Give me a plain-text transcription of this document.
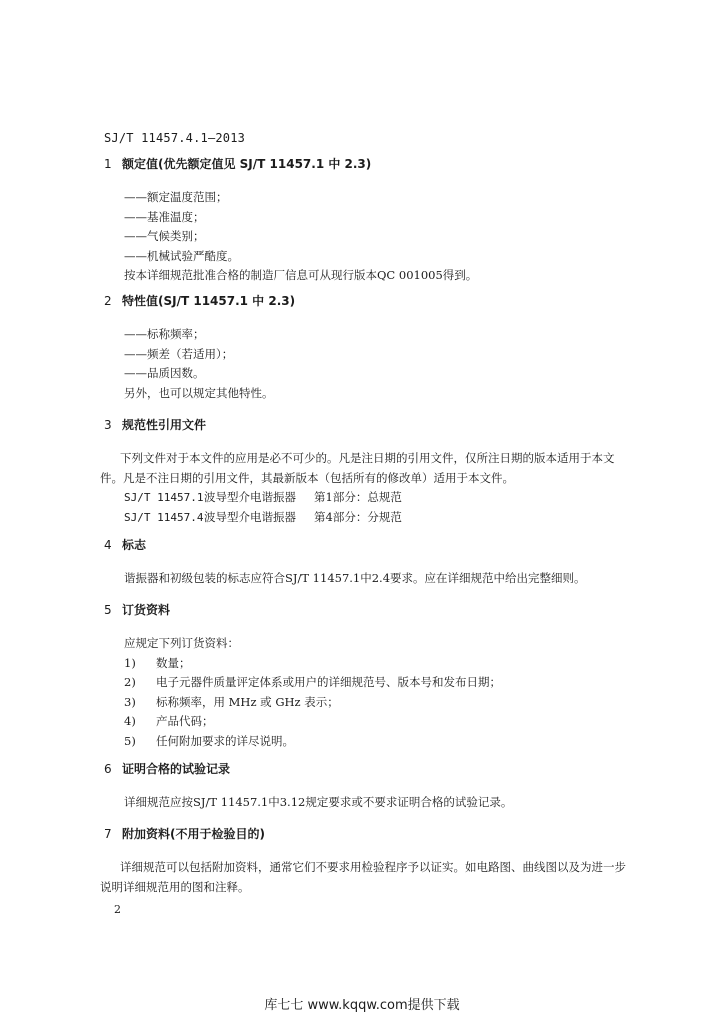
SJ/T 11457.4.1—2013
1 额定值(优先额定值见 SJ/T 11457.1 中 2.3)
——额定温度范围；
——基准温度；
——气候类别；
——机械试验严酷度。
按本详细规范批准合格的制造厂信息可从现行版本QC 001005得到。
2 特性值(SJ/T 11457.1 中 2.3)
——标称频率；
——频差（若适用）；
——品质因数。
另外，也可以规定其他特性。
3 规范性引用文件
下列文件对于本文件的应用是必不可少的。凡是注日期的引用文件，仅所注日期的版本适用于本文件。凡是不注日期的引用文件，其最新版本（包括所有的修改单）适用于本文件。
SJ/T 11457.1波导型介电谐振器 第1部分：总规范
SJ/T 11457.4波导型介电谐振器 第4部分：分规范
4 标志
谐振器和初级包装的标志应符合SJ/T 11457.1中2.4要求。应在详细规范中给出完整细则。
5 订货资料
应规定下列订货资料：
1) 数量；
2) 电子元器件质量评定体系或用户的详细规范号、版本号和发布日期；
3) 标称频率，用 MHz 或 GHz 表示；
4) 产品代码；
5) 任何附加要求的详尽说明。
6 证明合格的试验记录
详细规范应按SJ/T 11457.1中3.12规定要求或不要求证明合格的试验记录。
7 附加资料(不用于检验目的)
详细规范可以包括附加资料，通常它们不要求用检验程序予以证实。如电路图、曲线图以及为进一步说明详细规范用的图和注释。
2
库七七 www.kqqw.com提供下载
